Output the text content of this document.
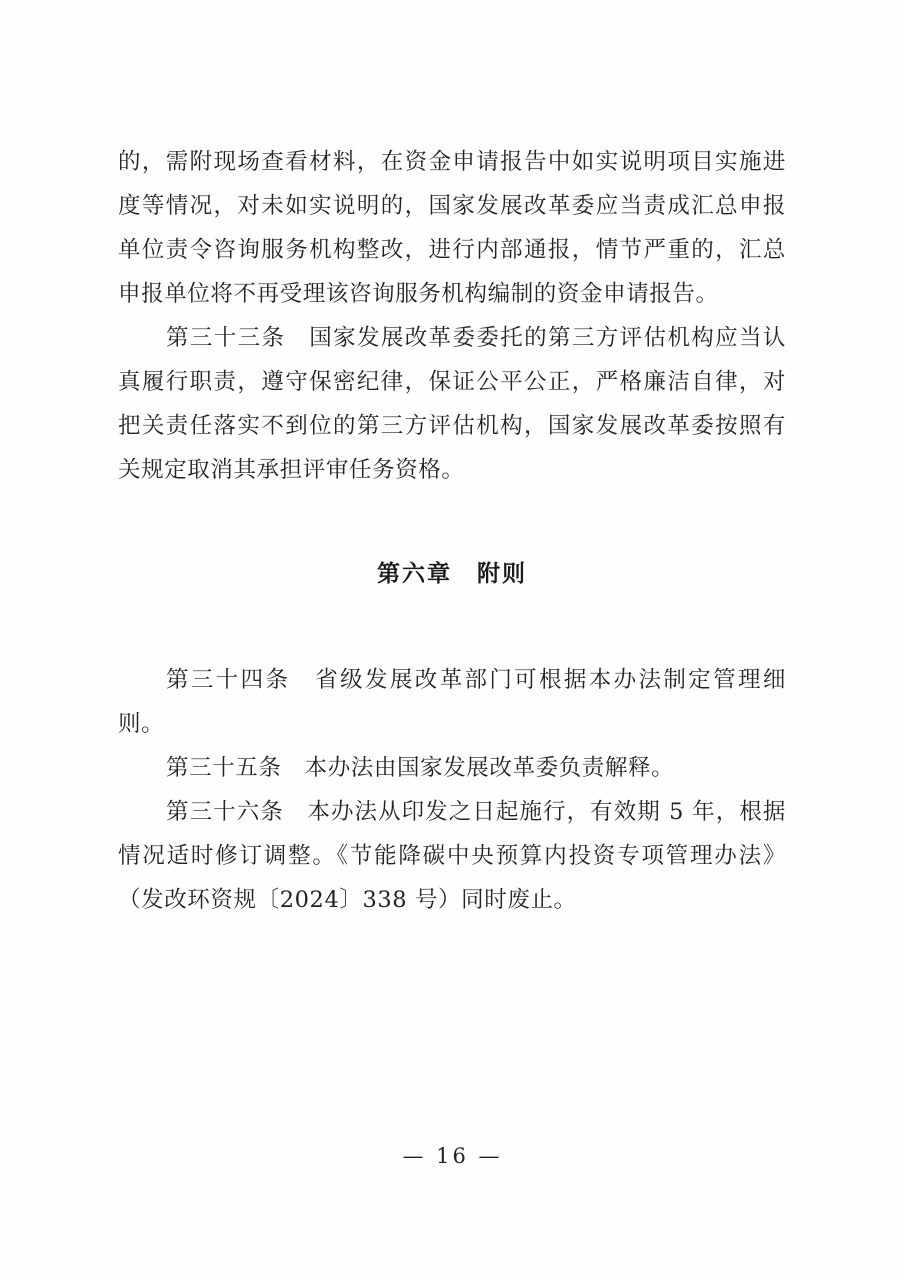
的，需附现场查看材料，在资金申请报告中如实说明项目实施进度等情况，对未如实说明的，国家发展改革委应当责成汇总申报单位责令咨询服务机构整改，进行内部通报，情节严重的，汇总申报单位将不再受理该咨询服务机构编制的资金申请报告。

第三十三条　国家发展改革委委托的第三方评估机构应当认真履行职责，遵守保密纪律，保证公平公正，严格廉洁自律，对把关责任落实不到位的第三方评估机构，国家发展改革委按照有关规定取消其承担评审任务资格。

第六章　附则

第三十四条　省级发展改革部门可根据本办法制定管理细则。

第三十五条　本办法由国家发展改革委负责解释。

第三十六条　本办法从印发之日起施行，有效期 5 年，根据情况适时修订调整。《节能降碳中央预算内投资专项管理办法》（发改环资规〔2024〕338 号）同时废止。

— 16 —
